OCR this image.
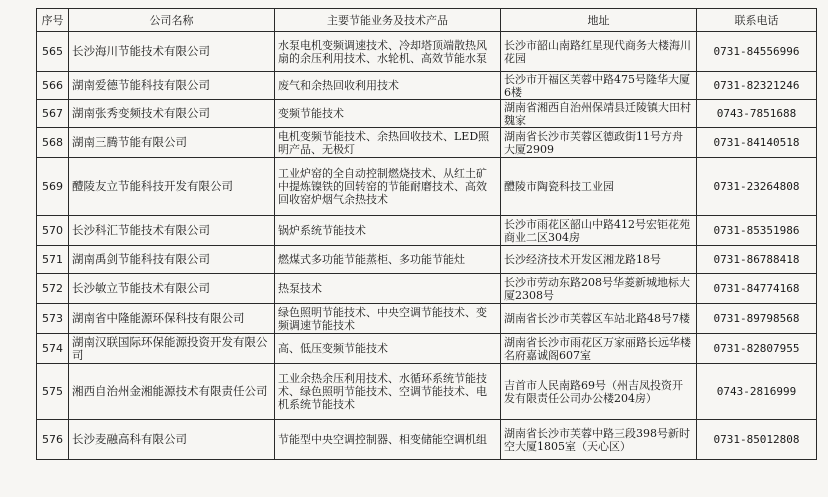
序号	公司名称	主要节能业务及技术产品	地址	联系电话
565	长沙海川节能技术有限公司	水泵电机变频调速技术、冷却塔顶端散热风扇的余压利用技术、水轮机、高效节能水泵	长沙市韶山南路红星现代商务大楼海川花园	0731-84556996
566	湖南爱德节能科技有限公司	废气和余热回收利用技术	长沙市开福区芙蓉中路475号隆华大厦6楼	0731-82321246
567	湖南张秀变频技术有限公司	变频节能技术	湖南省湘西自治州保靖县迁陵镇大田村魏家	0743-7851688
568	湖南三腾节能有限公司	电机变频节能技术、余热回收技术、LED照明产品、无极灯	湖南省长沙市芙蓉区德政街11号方舟大厦2909	0731-84140518
569	醴陵友立节能科技开发有限公司	工业炉窑的全自动控制燃烧技术、从红土矿中提炼镍铁的回转窑的节能耐磨技术、高效回收窑炉烟气余热技术	醴陵市陶瓷科技工业园	0731-23264808
570	长沙科汇节能技术有限公司	锅炉系统节能技术	长沙市雨花区韶山中路412号宏钜花苑商业二区304房	0731-85351986
571	湖南禹剑节能科技有限公司	燃煤式多功能节能蒸柜、多功能节能灶	长沙经济技术开发区湘龙路18号	0731-86788418
572	长沙敏立节能技术有限公司	热泵技术	长沙市劳动东路208号华菱新城地标大厦2308号	0731-84774168
573	湖南省中隆能源环保科技有限公司	绿色照明节能技术、中央空调节能技术、变频调速节能技术	湖南省长沙市芙蓉区车站北路48号7楼	0731-89798568
574	湖南汉联国际环保能源投资开发有限公司	高、低压变频节能技术	湖南省长沙市雨花区万家丽路长远华楼名府嘉诚阁607室	0731-82807955
575	湘西自治州金湘能源技术有限责任公司	工业余热余压利用技术、水循环系统节能技术、绿色照明节能技术、空调节能技术、电机系统节能技术	吉首市人民南路69号（州吉凤投资开发有限责任公司办公楼204房）	0743-2816999
576	长沙麦融高科有限公司	节能型中央空调控制器、相变储能空调机组	湖南省长沙市芙蓉中路三段398号新时空大厦1805室（天心区）	0731-85012808
